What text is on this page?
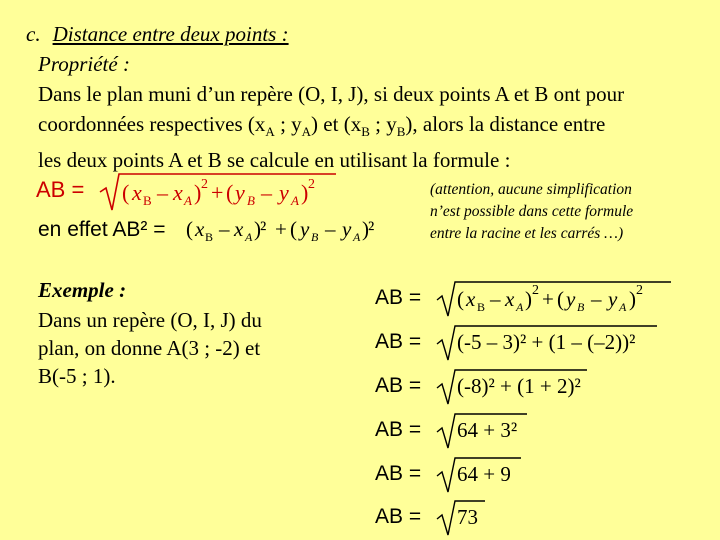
c. Distance entre deux points :
Propriété :
Dans le plan muni d’un repère (O, I, J), si deux points A et B ont pour
coordonnées respectives ($x_A$ ; $y_A$) et ($x_B$ ; $y_B$), alors la distance entre
les deux points A et B se calcule en utilisant la formule :
AB = ( x B – x A ) 2 + ( y B – y A ) 2
en effet AB² = ( x B – x A ) ² + ( y B – y A ) ²
(attention, aucune simplification
n’est possible dans cette formule
entre la racine et les carrés …)
Exemple :
Dans un repère (O, I, J) du
plan, on donne A(3 ; -2) et
B(-5 ; 1).
AB = ( x B – x A ) 2 + ( y B – y A ) 2
AB = (-5 – 3)² + (1 – (–2))²
AB = (-8)² + (1 + 2)²
AB = 64 + 3²
AB = 64 + 9
AB = 73
